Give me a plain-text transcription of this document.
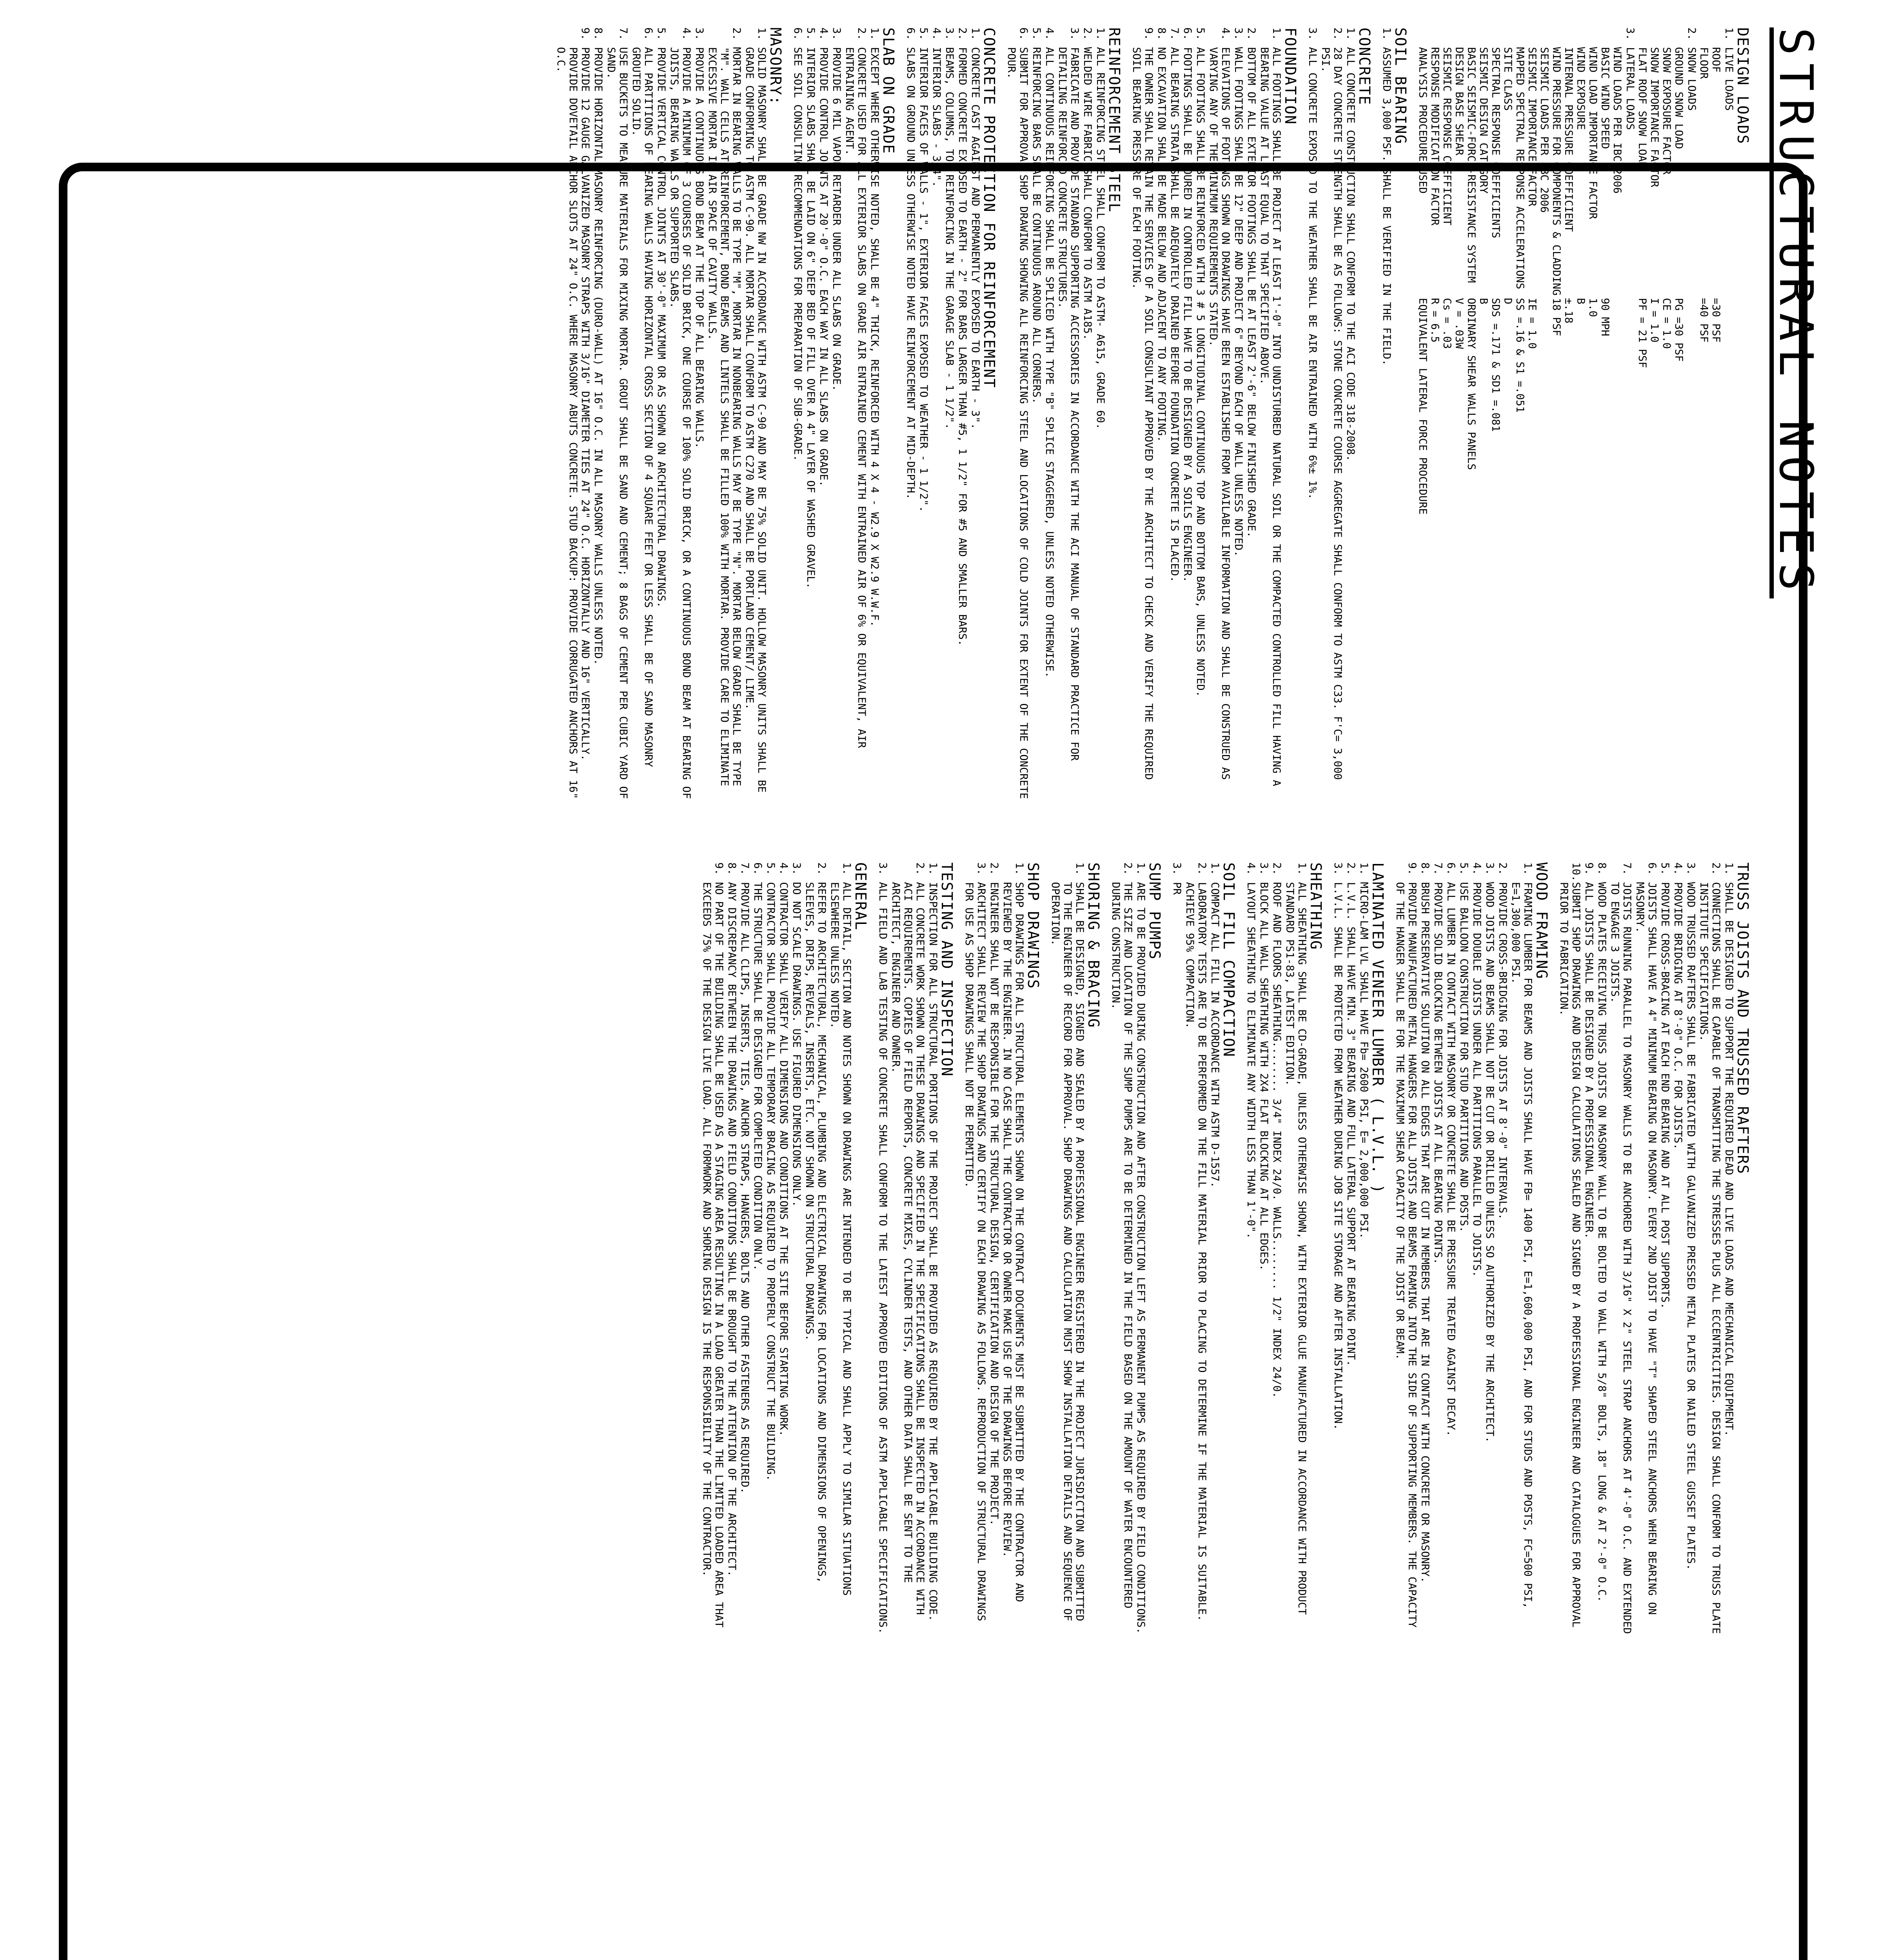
STRUCTURAL NOTES
DESIGN LOADS
1.
LIVE LOADS
ROOF
=30 PSF
FLOOR
=40 PSF
2.
SNOW LOADS
GROUND SNOW LOAD
PG =30 PSF
SNOW EXPOSURE FACTOR
CE = 1.0
SNOW IMPORTANCE FACTOR
I = 1.0
FLAT ROOF SNOW LOAD
PF = 21 PSF
3.
LATERAL LOADS
WIND LOADS PER IBC 2006
BASIC WIND SPEED
90 MPH
WIND LOAD IMPORTANCE FACTOR
1.0
WIND EXPOSURE
B
INTERNAL PRESSURE COEFFICIENT
±.18
WIND PRESSURE FOR COMPONENTS & CLADDING
18 PSF
SEISMIC LOADS PER IBC 2006
SEISMIC IMPORTANCE FACTOR
IE = 1.0
MAPPED SPECTRAL RESPONSE ACCELERATIONS
SS =.16 & S1 =.051
SITE CLASS
D
SPECTRAL RESPONSE COEFFICIENTS
SDS =.171 & SD1 =.081
SEISMIC DESIGN CATEGORY
B
BASIC SEISMIC-FORCE-RESISTANCE SYSTEM
ORDINARY SHEAR WALLS PANELS
DESIGN BASE SHEAR
V = .03W
SEISMIC RESPONSE COEFFICIENT
Cs = .03
RESPONSE MODIFICATION FACTOR
R = 6.5
ANALYSIS PROCEDURE USED
EQUIVALENT LATERAL FORCE PROCEDURE
SOIL BEARING
1.
ASSUMED 3,000 PSF. SHALL BE VERIFIED IN THE FIELD.
CONCRETE
1.
ALL CONCRETE CONSTRUCTION SHALL CONFORM TO THE ACI CODE 318-2008.
2.
28 DAY CONCRETE STRENGTH SHALL BE AS FOLLOWS: STONE CONCRETE COURSE AGGREGATE SHALL CONFORM TO ASTM C33. F'C= 3,000 PSI.
3.
ALL CONCRETE EXPOSED TO THE WEATHER SHALL BE AIR ENTRAINED WITH 6%± 1%.
FOUNDATION
1.
ALL FOOTINGS SHALL BE PROJECT AT LEAST 1'-0" INTO UNDISTURBED NATURAL SOIL OR THE COMPACTED CONTROLLED FILL HAVING A BEARING VALUE AT LEAST EQUAL TO THAT SPECIFIED ABOVE.
2.
BOTTOM OF ALL EXTERIOR FOOTINGS SHALL BE AT LEAST 2'-6" BELOW FINISHED GRADE.
3.
WALL FOOTINGS SHALL BE 12" DEEP AND PROJECT 6" BEYOND EACH OF WALL UNLESS NOTED.
4.
ELEVATIONS OF FOOTINGS SHOWN ON DRAWINGS HAVE BEEN ESTABLISHED FROM AVAILABLE INFORMATION AND SHALL BE CONSTRUED AS VARYING ANY OF THE MINIMUM REQUIREMENTS STATED.
5.
ALL FOOTINGS SHALL BE REINFORCED WITH 3 # 5 LONGITUDINAL CONTINUOUS TOP AND BOTTOM BARS, UNLESS NOTED.
6.
FOOTINGS SHALL BE POURED IN CONTROLLED FILL HAVE TO BE DESIGNED BY A SOILS ENGINEER.
7.
ALL BEARING STRATA SHALL BE ADEQUATELY DRAINED BEFORE FOUNDATION CONCRETE IS PLACED.
8.
NO EXCAVATION SHALL BE MADE BELOW AND ADJACENT TO ANY FOOTING.
9.
THE OWNER SHALL RETAIN THE SERVICES OF A SOIL CONSULTANT APPROVED BY THE ARCHITECT TO CHECK AND VERIFY THE REQUIRED SOIL BEARING PRESSURE OF EACH FOOTING.
REINFORCEMENT STEEL
1.
ALL REINFORCING STEEL SHALL CONFORM TO ASTM- A615, GRADE 60.
2.
WELDED WIRE FABRIC SHALL CONFORM TO ASTM A185.
3.
FABRICATE AND PROVIDE STANDARD SUPPORTING ACCESSORIES IN ACCORDANCE WITH THE ACI MANUAL OF STANDARD PRACTICE FOR DETAILING REINFORCED CONCRETE STRUCTURES.
4.
ALL CONTINUOUS REINFORCING SHALL BE SPLICED WITH TYPE "B" SPLICE STAGGERED, UNLESS NOTED OTHERWISE.
5.
REINFORCING BARS SHALL BE CONTINUOUS AROUND ALL CORNERS.
6.
SUBMIT FOR APPROVAL SHOP DRAWING SHOWING ALL REINFORCING STEEL AND LOCATIONS OF COLD JOINTS FOR EXTENT OF THE CONCRETE POUR.
CONCRETE PROTECTION FOR REINFORCEMENT
1.
CONCRETE CAST AGAINST AND PERMANENTLY EXPOSED TO EARTH - 3".
2.
FORMED CONCRETE EXPOSED TO EARTH - 2" FOR BARS LARGER THAN #5, 1 1/2" FOR #5 AND SMALLER BARS.
3.
BEAMS, COLUMNS, TOP REINFORCING IN THE GARAGE SLAB - 1 1/2".
4.
INTERIOR SLABS - 3/4".
5.
INTERIOR FACES OF WALLS - 1", EXTERIOR FACES EXPOSED TO WEATHER - 1 1/2".
6.
SLABS ON GROUND UNLESS OTHERWISE NOTED HAVE REINFORCEMENT AT MID-DEPTH.
SLAB ON GRADE
1.
EXCEPT WHERE OTHERWISE NOTED, SHALL BE 4" THICK, REINFORCED WITH 4 X 4 - W2.9 X W2.9 W.W.F.
2.
CONCRETE USED FOR ALL EXTERIOR SLABS ON GRADE AIR ENTRAINED CEMENT WITH ENTRAINED AIR OF 6% OR EQUIVALENT, AIR ENTRAINING AGENT.
3.
PROVIDE 6 MIL VAPOR RETARDER UNDER ALL SLABS ON GRADE.
4.
PROVIDE CONTROL JOINTS AT 20'-0" O.C. EACH WAY IN ALL SLABS ON GRADE.
5.
INTERIOR SLABS SHALL BE LAID ON 6" DEEP BED OF FILL OVER A 4" LAYER OF WASHED GRAVEL.
6.
SEE SOIL CONSULTING RECOMMENDATIONS FOR PREPARATION OF SUB-GRADE.
MASONRY:
1.
SOLID MASONRY SHALL BE GRADE NW IN ACCORDANCE WITH ASTM C-90 AND MAY BE 75% SOLID UNIT. HOLLOW MASONRY UNITS SHALL BE GRADE CONFORMING TO ASTM C-90. ALL MORTAR SHALL CONFORM TO ASTM C270 AND SHALL BE PORTLAND CEMENT/ LIME.
2.
MORTAR IN BEARING WALLS TO BE TYPE "M", MORTAR IN NONBEARING WALLS MAY BE TYPE "N". MORTAR BELOW GRADE SHALL BE TYPE "M". WALL CELLS AT REINFORCEMENT, BOND BEAMS AND LINTELS SHALL BE FILLED 100% WITH MORTAR. PROVIDE CARE TO ELIMINATE EXCESSIVE MORTAR IN AIR SPACE OF CAVITY WALLS.
3.
PROVIDE A CONTINUOUS BOND BEAM AT THE TOP OF ALL BEARING WALLS.
4.
PROVIDE A MINIMUM OF 3 COURSES OF SOLID BRICK, ONE COURSE OF 100% SOLID BRICK, OR A CONTINUOUS BOND BEAM AT BEARING OF JOISTS, BEARING WALLS OR SUPPORTED SLABS.
5.
PROVIDE VERTICAL CONTROL JOINTS AT 30'-0" MAXIMUM OR AS SHOWN ON ARCHITECTURAL DRAWINGS.
6.
ALL PARTITIONS OF BEARING WALLS HAVING HORIZONTAL CROSS SECTION OF 4 SQUARE FEET OR LESS SHALL BE OF SAND MASONRY GROUTED SOLID.
7.
USE BUCKETS TO MEASURE MATERIALS FOR MIXING MORTAR. GROUT SHALL BE SAND AND CEMENT; 8 BAGS OF CEMENT PER CUBIC YARD OF SAND.
8.
PROVIDE HORIZONTAL MASONRY REINFORCING (DURO-WALL) AT 16" O.C. IN ALL MASONRY WALLS UNLESS NOTED.
9.
PROVIDE 12 GAUGE GALVANIZED MASONRY STRAPS WITH 3/16" DIAMETER TIES AT 24" O.C. HORIZONTALLY AND 16" VERTICALLY. PROVIDE DOVETAIL ANCHOR SLOTS AT 24" O.C. WHERE MASONRY ABUTS CONCRETE. STUD BACKUP: PROVIDE CORRUGATED ANCHORS AT 16" O.C.
TRUSS JOISTS AND TRUSSED RAFTERS
1.
SHALL BE DESIGNED TO SUPPORT THE REQUIRED DEAD AND LIVE LOADS AND MECHANICAL EQUIPMENT.
2.
CONNECTIONS SHALL BE CAPABLE OF TRANSMITTING THE STRESSES PLUS ALL ECCENTRICITIES. DESIGN SHALL CONFORM TO TRUSS PLATE INSTITUTE SPECIFICATIONS.
3.
WOOD TRUSSED RAFTERS SHALL BE FABRICATED WITH GALVANIZED PRESSED METAL PLATES OR NAILED STEEL GUSSET PLATES.
4.
PROVIDE BRIDGING AT 8'-0" O.C. FOR JOISTS.
5.
PROVIDE CROSS-BRACING AT EACH END BEARING AND AT ALL POST SUPPORTS.
6.
JOISTS SHALL HAVE A 4" MINIMUM BEARING ON MASONRY. EVERY 2ND JOIST TO HAVE "T" SHAPED STEEL ANCHORS WHEN BEARING ON MASONRY.
7.
JOISTS RUNNING PARALLEL TO MASONRY WALLS TO BE ANCHORED WITH 3/16" X 2" STEEL STRAP ANCHORS AT 4'-0" O.C. AND EXTENDED TO ENGAGE 3 JOISTS.
8.
WOOD PLATES RECEIVING TRUSS JOISTS ON MASONRY WALL TO BE BOLTED TO WALL WITH 5/8" BOLTS, 18" LONG & AT 2'-0" O.C.
9.
ALL JOISTS SHALL BE DESIGNED BY A PROFESSIONAL ENGINEER.
10.
SUBMIT SHOP DRAWINGS AND DESIGN CALCULATIONS SEALED AND SIGNED BY A PROFESSIONAL ENGINEER AND CATALOGUES FOR APPROVAL PRIOR TO FABRICATION.
WOOD FRAMING
1.
FRAMING LUMBER FOR BEAMS AND JOISTS SHALL HAVE FB= 1400 PSI, E=1,600,000 PSI, AND FOR STUDS AND POSTS, FC=500 PSI, E=1,300,000 PSI.
2.
PROVIDE CROSS-BRIDGING FOR JOISTS AT 8'-0" INTERVALS.
3.
WOOD JOISTS AND BEAMS SHALL NOT BE CUT OR DRILLED UNLESS SO AUTHORIZED BY THE ARCHITECT.
4.
PROVIDE DOUBLE JOISTS UNDER ALL PARTITIONS PARALLEL TO JOISTS.
5.
USE BALLOON CONSTRUCTION FOR STUD PARTITIONS AND POSTS.
6.
ALL LUMBER IN CONTACT WITH MASONRY OR CONCRETE SHALL BE PRESSURE TREATED AGAINST DECAY.
7.
PROVIDE SOLID BLOCKING BETWEEN JOISTS AT ALL BEARING POINTS.
8.
BRUSH PRESERVATIVE SOLUTION ON ALL EDGES THAT ARE CUT IN MEMBERS THAT ARE IN CONTACT WITH CONCRETE OR MASONRY.
9.
PROVIDE MANUFACTURED METAL HANGERS FOR ALL JOISTS AND BEAMS FRAMING INTO THE SIDE OF SUPPORTING MEMBERS. THE CAPACITY OF THE HANGER SHALL BE FOR THE MAXIMUM SHEAR CAPACITY OF THE JOIST OR BEAM.
LAMINATED VENEER LUMBER ( L.V.L. )
1.
MICRO-LAM LVL SHALL HAVE Fb= 2600 PSI, E= 2,000,000 PSI.
2.
L.V.L. SHALL HAVE MIN. 3" BEARING AND FULL LATERAL SUPPORT AT BEARING POINT.
3.
L.V.L. SHALL BE PROTECTED FROM WEATHER DURING JOB SITE STORAGE AND AFTER INSTALLATION.
SHEATHING
1.
ALL SHEATHING SHALL BE CD-GRADE, UNLESS OTHERWISE SHOWN, WITH EXTERIOR GLUE MANUFACTURED IN ACCORDANCE WITH PRODUCT STANDARD PS1-83, LATEST EDITION.
2.
ROOF AND FLOORS SHEATHING........ 3/4" INDEX 24/0. WALLS........ 1/2" INDEX 24/0.
3.
BLOCK ALL WALL SHEATHING WITH 2X4 FLAT BLOCKING AT ALL EDGES.
4.
LAYOUT SHEATHING TO ELIMINATE ANY WIDTH LESS THAN 1'-0".
SOIL FILL COMPACTION
1.
COMPACT ALL FILL IN ACCORDANCE WITH ASTM D-1557.
2.
LABORATORY TESTS ARE TO BE PERFORMED ON THE FILL MATERIAL PRIOR TO PLACING TO DETERMINE IF THE MATERIAL IS SUITABLE. ACHIEVE 95% COMPACTION.
3.
PR
SUMP PUMPS
1.
ARE TO BE PROVIDED DURING CONSTRUCTION AND AFTER CONSTRUCTION LEFT AS PERMANENT PUMPS AS REQUIRED BY FIELD CONDITIONS.
2.
THE SIZE AND LOCATION OF THE SUMP PUMPS ARE TO BE DETERMINED IN THE FIELD BASED ON THE AMOUNT OF WATER ENCOUNTERED DURING CONSTRUCTION.
SHORING & BRACING
1.
SHALL BE DESIGNED, SIGNED AND SEALED BY A PROFESSIONAL ENGINEER REGISTERED IN THE PROJECT JURISDICTION AND SUBMITTED TO THE ENGINEER OF RECORD FOR APPROVAL. SHOP DRAWINGS AND CALCULATION MUST SHOW INSTALLATION DETAILS AND SEQUENCE OF OPERATION.
SHOP DRAWINGS
1.
SHOP DRAWINGS FOR ALL STRUCTURAL ELEMENTS SHOWN ON THE CONTRACT DOCUMENTS MUST BE SUBMITTED BY THE CONTRACTOR AND REVIEWED BY THE ENGINEER. IN NO CASE SHALL THE CONTRACTOR OR OWNER MAKE USE OF THE DRAWINGS BEFORE REVIEW.
2.
ENGINEER SHALL NOT BE RESPONSIBLE FOR THE STRUCTURAL DESIGN, CERTIFICATION AND DESIGN OF THE PROJECT.
3.
ARCHITECT SHALL REVIEW THE SHOP DRAWINGS AND CERTIFY ON EACH DRAWING AS FOLLOWS. REPRODUCTION OF STRUCTURAL DRAWINGS FOR USE AS SHOP DRAWINGS SHALL NOT BE PERMITTED.
TESTING AND INSPECTION
1.
INSPECTION FOR ALL STRUCTURAL PORTIONS OF THE PROJECT SHALL BE PROVIDED AS REQUIRED BY THE APPLICABLE BUILDING CODE.
2.
ALL CONCRETE WORK SHOWN ON THESE DRAWINGS AND SPECIFIED IN THE SPECIFICATIONS SHALL BE INSPECTED IN ACCORDANCE WITH ACI REQUIREMENTS. COPIES OF FIELD REPORTS, CONCRETE MIXES, CYLINDER TESTS, AND OTHER DATA SHALL BE SENT TO THE ARCHITECT, ENGINEER AND OWNER.
3.
ALL FIELD AND LAB TESTING OF CONCRETE SHALL CONFORM TO THE LATEST APPROVED EDITIONS OF ASTM APPLICABLE SPECIFICATIONS.
GENERAL
1.
ALL DETAIL, SECTION AND NOTES SHOWN ON DRAWINGS ARE INTENDED TO BE TYPICAL AND SHALL APPLY TO SIMILAR SITUATIONS ELSEWHERE UNLESS NOTED.
2.
REFER TO ARCHITECTURAL, MECHANICAL, PLUMBING AND ELECTRICAL DRAWINGS FOR LOCATIONS AND DIMENSIONS OF OPENINGS, SLEEVES, DRIPS, REVEALS, INSERTS, ETC. NOT SHOWN ON STRUCTURAL DRAWINGS.
3.
DO NOT SCALE DRAWINGS. USE FIGURED DIMENSIONS ONLY.
4.
CONTRACTOR SHALL VERIFY ALL DIMENSIONS AND CONDITIONS AT THE SITE BEFORE STARTING WORK.
5.
CONTRACTOR SHALL PROVIDE ALL TEMPORARY BRACING AS REQUIRED TO PROPERLY CONSTRUCT THE BUILDING.
6.
THE STRUCTURE SHALL BE DESIGNED FOR COMPLETED CONDITION ONLY.
7.
PROVIDE ALL CLIPS, INSERTS, TIES, ANCHOR STRAPS, HANGERS, BOLTS AND OTHER FASTENERS AS REQUIRED.
8.
ANY DISCREPANCY BETWEEN THE DRAWINGS AND FIELD CONDITIONS SHALL BE BROUGHT TO THE ATTENTION OF THE ARCHITECT.
9.
NO PART OF THE BUILDING SHALL BE USED AS A STAGING AREA RESULTING IN A LOAD GREATER THAN THE LIMITED LOADED AREA THAT EXCEEDS 75% OF THE DESIGN LIVE LOAD. ALL FORMWORK AND SHORING DESIGN IS THE RESPONSIBILITY OF THE CONTRACTOR.
